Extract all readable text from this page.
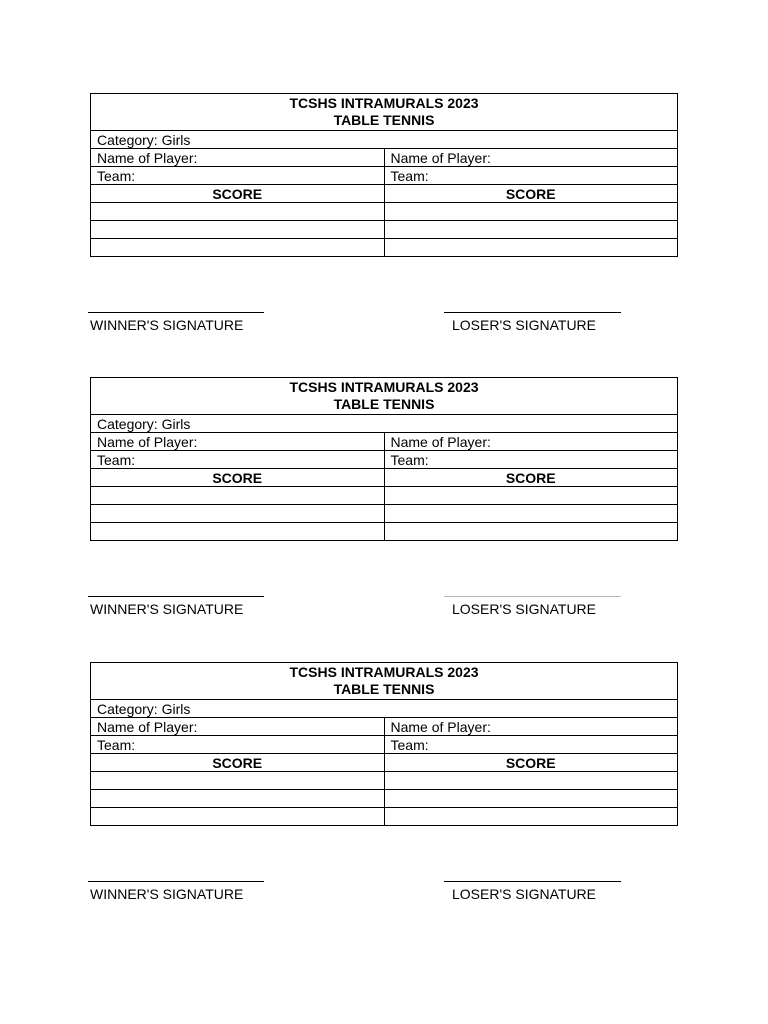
TCSHS INTRAMURALS 2023
TABLE TENNIS	

Category: Girls	
Name of Player:	Name of Player:
Team:	Team:
SCORE	SCORE

WINNER'S SIGNATURE	LOSER'S SIGNATURE
TCSHS INTRAMURALS 2023
TABLE TENNIS	

Category: Girls	
Name of Player:	Name of Player:
Team:	Team:
SCORE	SCORE

WINNER'S SIGNATURE	LOSER'S SIGNATURE
TCSHS INTRAMURALS 2023
TABLE TENNIS	

Category: Girls	
Name of Player:	Name of Player:
Team:	Team:
SCORE	SCORE

WINNER'S SIGNATURE	LOSER'S SIGNATURE
